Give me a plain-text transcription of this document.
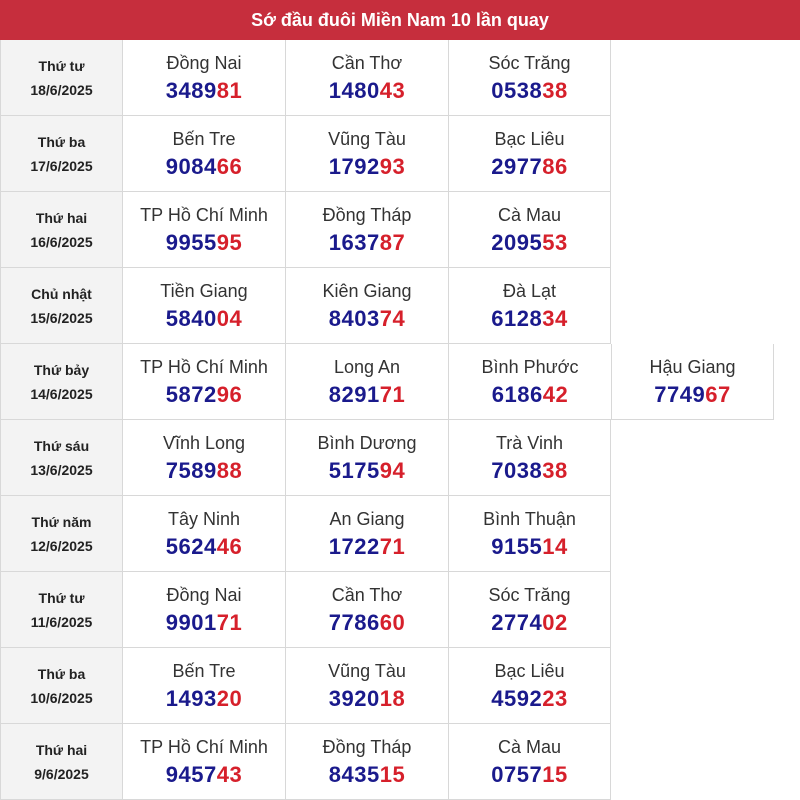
Sớ đầu đuôi Miền Nam 10 lần quay
Thứ tư
18/6/2025
Đồng Nai
348981
Cần Thơ
148043
Sóc Trăng
053838
Thứ ba
17/6/2025
Bến Tre
908466
Vũng Tàu
179293
Bạc Liêu
297786
Thứ hai
16/6/2025
TP Hồ Chí Minh
995595
Đồng Tháp
163787
Cà Mau
209553
Chủ nhật
15/6/2025
Tiền Giang
584004
Kiên Giang
840374
Đà Lạt
612834
Thứ bảy
14/6/2025
TP Hồ Chí Minh
587296
Long An
829171
Bình Phước
618642
Hậu Giang
774967
Thứ sáu
13/6/2025
Vĩnh Long
758988
Bình Dương
517594
Trà Vinh
703838
Thứ năm
12/6/2025
Tây Ninh
562446
An Giang
172271
Bình Thuận
915514
Thứ tư
11/6/2025
Đồng Nai
990171
Cần Thơ
778660
Sóc Trăng
277402
Thứ ba
10/6/2025
Bến Tre
149320
Vũng Tàu
392018
Bạc Liêu
459223
Thứ hai
9/6/2025
TP Hồ Chí Minh
945743
Đồng Tháp
843515
Cà Mau
075715
